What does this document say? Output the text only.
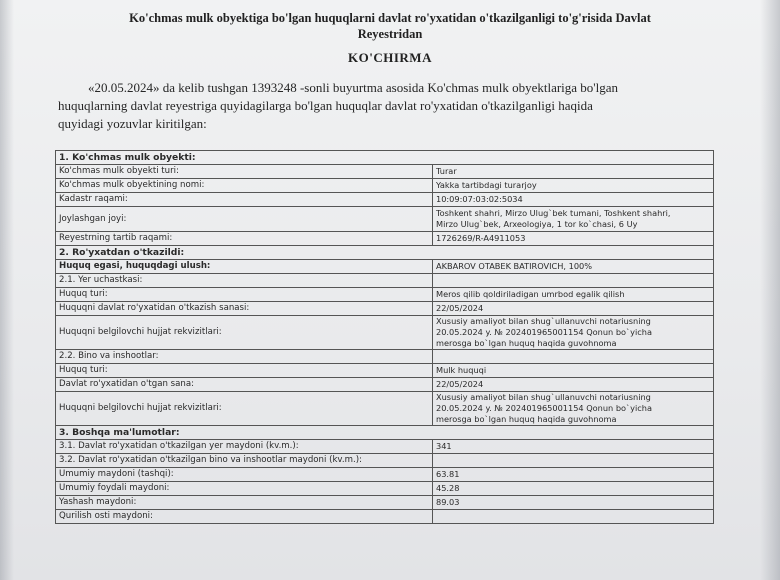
Ko'chmas mulk obyektiga bo'lgan huquqlarni davlat ro'yxatidan o'tkazilganligi to'g'risida Davlat
Reyestridan
KO'CHIRMA
«20.05.2024» da kelib tushgan 1393248 -sonli buyurtma asosida Ko'chmas mulk obyektlariga bo'lgan
huquqlarning davlat reyestriga quyidagilarga bo'lgan huquqlar davlat ro'yxatidan o'tkazilganligi haqida
quyidagi yozuvlar kiritilgan:
1. Ko'chmas mulk obyekti:	
Ko'chmas mulk obyekti turi:	Turar
Ko'chmas mulk obyektining nomi:	Yakka tartibdagi turarjoy
Kadastr raqami:	10:09:07:03:02:5034
Joylashgan joyi:	Toshkent shahri, Mirzo Ulug`bek tumani, Toshkent shahri,
Mirzo Ulug`bek, Arxeologiya, 1 tor ko`chasi, 6 Uy

Reyestrning tartib raqami:	1726269/R-A4911053
2. Ro'yxatdan o'tkazildi:	
Huquq egasi, huquqdagi ulush:	AKBAROV OTABEK BATIROVICH, 100%
2.1. Yer uchastkasi:	
Huquq turi:	Meros qilib qoldiriladigan umrbod egalik qilish
Huquqni davlat ro'yxatidan o'tkazish sanasi:	22/05/2024
Huquqni belgilovchi hujjat rekvizitlari:	Xususiy amaliyot bilan shug`ullanuvchi notariusning
20.05.2024 y. № 202401965001154 Qonun bo`yicha
merosga bo`lgan huquq haqida guvohnoma

2.2. Bino va inshootlar:	
Huquq turi:	Mulk huquqi
Davlat ro'yxatidan o'tgan sana:	22/05/2024
Huquqni belgilovchi hujjat rekvizitlari:	Xususiy amaliyot bilan shug`ullanuvchi notariusning
20.05.2024 y. № 202401965001154 Qonun bo`yicha
merosga bo`lgan huquq haqida guvohnoma

3. Boshqa ma'lumotlar:	
3.1. Davlat ro'yxatidan o'tkazilgan yer maydoni (kv.m.):	341
3.2. Davlat ro'yxatidan o'tkazilgan bino va inshootlar maydoni (kv.m.):	
Umumiy maydoni (tashqi):	63.81
Umumiy foydali maydoni:	45.28
Yashash maydoni:	89.03
Qurilish osti maydoni:	
